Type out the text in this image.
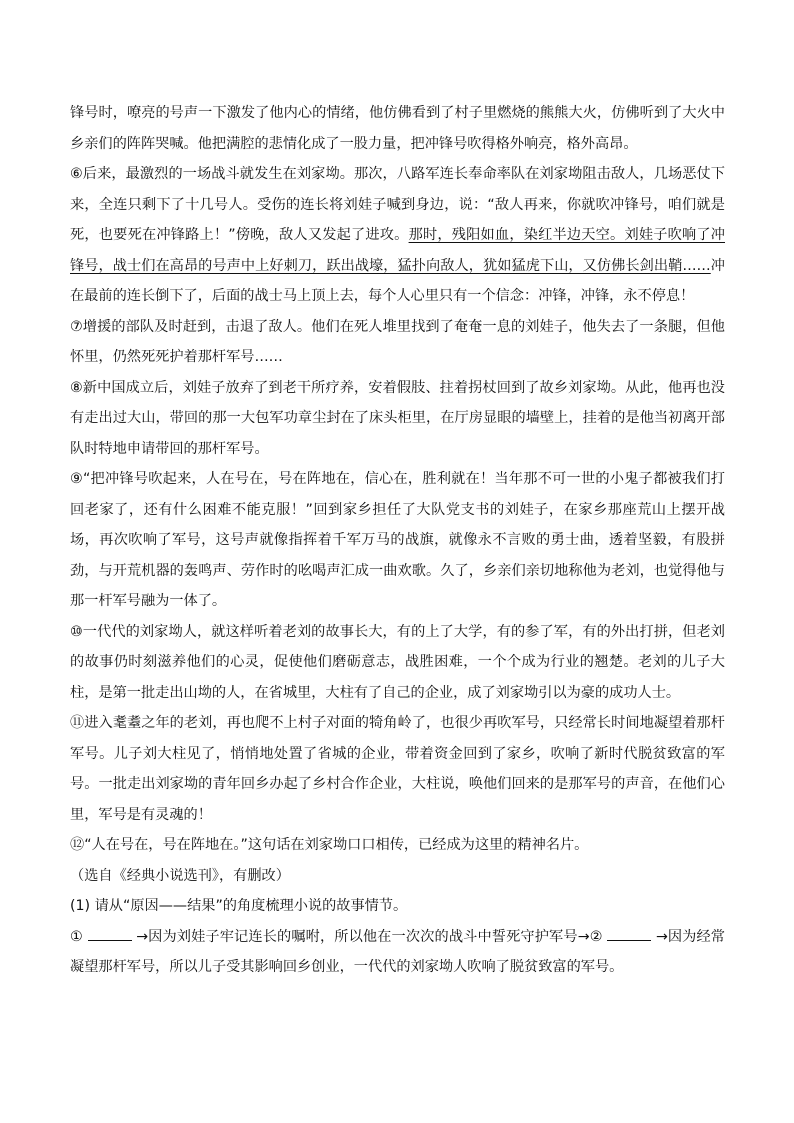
锋号时，嘹亮的号声一下激发了他内心的情绪，他仿佛看到了村子里燃烧的熊熊大火，仿佛听到了大火中乡亲们的阵阵哭喊。他把满腔的悲情化成了一股力量，把冲锋号吹得格外响亮，格外高昂。

⑥后来，最激烈的一场战斗就发生在刘家坳。那次，八路军连长奉命率队在刘家坳阻击敌人，几场恶仗下来，全连只剩下了十几号人。受伤的连长将刘娃子喊到身边，说：“敌人再来，你就吹冲锋号，咱们就是死，也要死在冲锋路上！”傍晚，敌人又发起了进攻。那时，残阳如血，染红半边天空。刘娃子吹响了冲锋号，战士们在高昂的号声中上好刺刀，跃出战壕，猛扑向敌人，犹如猛虎下山，又仿佛长剑出鞘……冲在最前的连长倒下了，后面的战士马上顶上去，每个人心里只有一个信念：冲锋，冲锋，永不停息！

⑦增援的部队及时赶到，击退了敌人。他们在死人堆里找到了奄奄一息的刘娃子，他失去了一条腿，但他怀里，仍然死死护着那杆军号……

⑧新中国成立后，刘娃子放弃了到老干所疗养，安着假肢、拄着拐杖回到了故乡刘家坳。从此，他再也没有走出过大山，带回的那一大包军功章尘封在了床头柜里，在厅房显眼的墙壁上，挂着的是他当初离开部队时特地申请带回的那杆军号。

⑨“把冲锋号吹起来，人在号在，号在阵地在，信心在，胜利就在！当年那不可一世的小鬼子都被我们打回老家了，还有什么困难不能克服！”回到家乡担任了大队党支书的刘娃子，在家乡那座荒山上摆开战场，再次吹响了军号，这号声就像指挥着千军万马的战旗，就像永不言败的勇士曲，透着坚毅，有股拼劲，与开荒机器的轰鸣声、劳作时的吆喝声汇成一曲欢歌。久了，乡亲们亲切地称他为老刘，也觉得他与那一杆军号融为一体了。

⑩一代代的刘家坳人，就这样听着老刘的故事长大，有的上了大学，有的参了军，有的外出打拼，但老刘的故事仍时刻滋养他们的心灵，促使他们磨砺意志，战胜困难，一个个成为行业的翘楚。老刘的儿子大柱，是第一批走出山坳的人，在省城里，大柱有了自己的企业，成了刘家坳引以为豪的成功人士。

⑪进入耄耋之年的老刘，再也爬不上村子对面的犄角岭了，也很少再吹军号，只经常长时间地凝望着那杆军号。儿子刘大柱见了，悄悄地处置了省城的企业，带着资金回到了家乡，吹响了新时代脱贫致富的军号。一批走出刘家坳的青年回乡办起了乡村合作企业，大柱说，唤他们回来的是那军号的声音，在他们心里，军号是有灵魂的！

⑫“人在号在，号在阵地在。”这句话在刘家坳口口相传，已经成为这里的精神名片。

（选自《经典小说选刊》，有删改）

(1) 请从“原因——结果”的角度梳理小说的故事情节。

①	→因为刘娃子牢记连长的嘱咐，所以他在一次次的战斗中誓死守护军号→②	→因为经常凝望那杆军号，所以儿子受其影响回乡创业，一代代的刘家坳人吹响了脱贫致富的军号。
